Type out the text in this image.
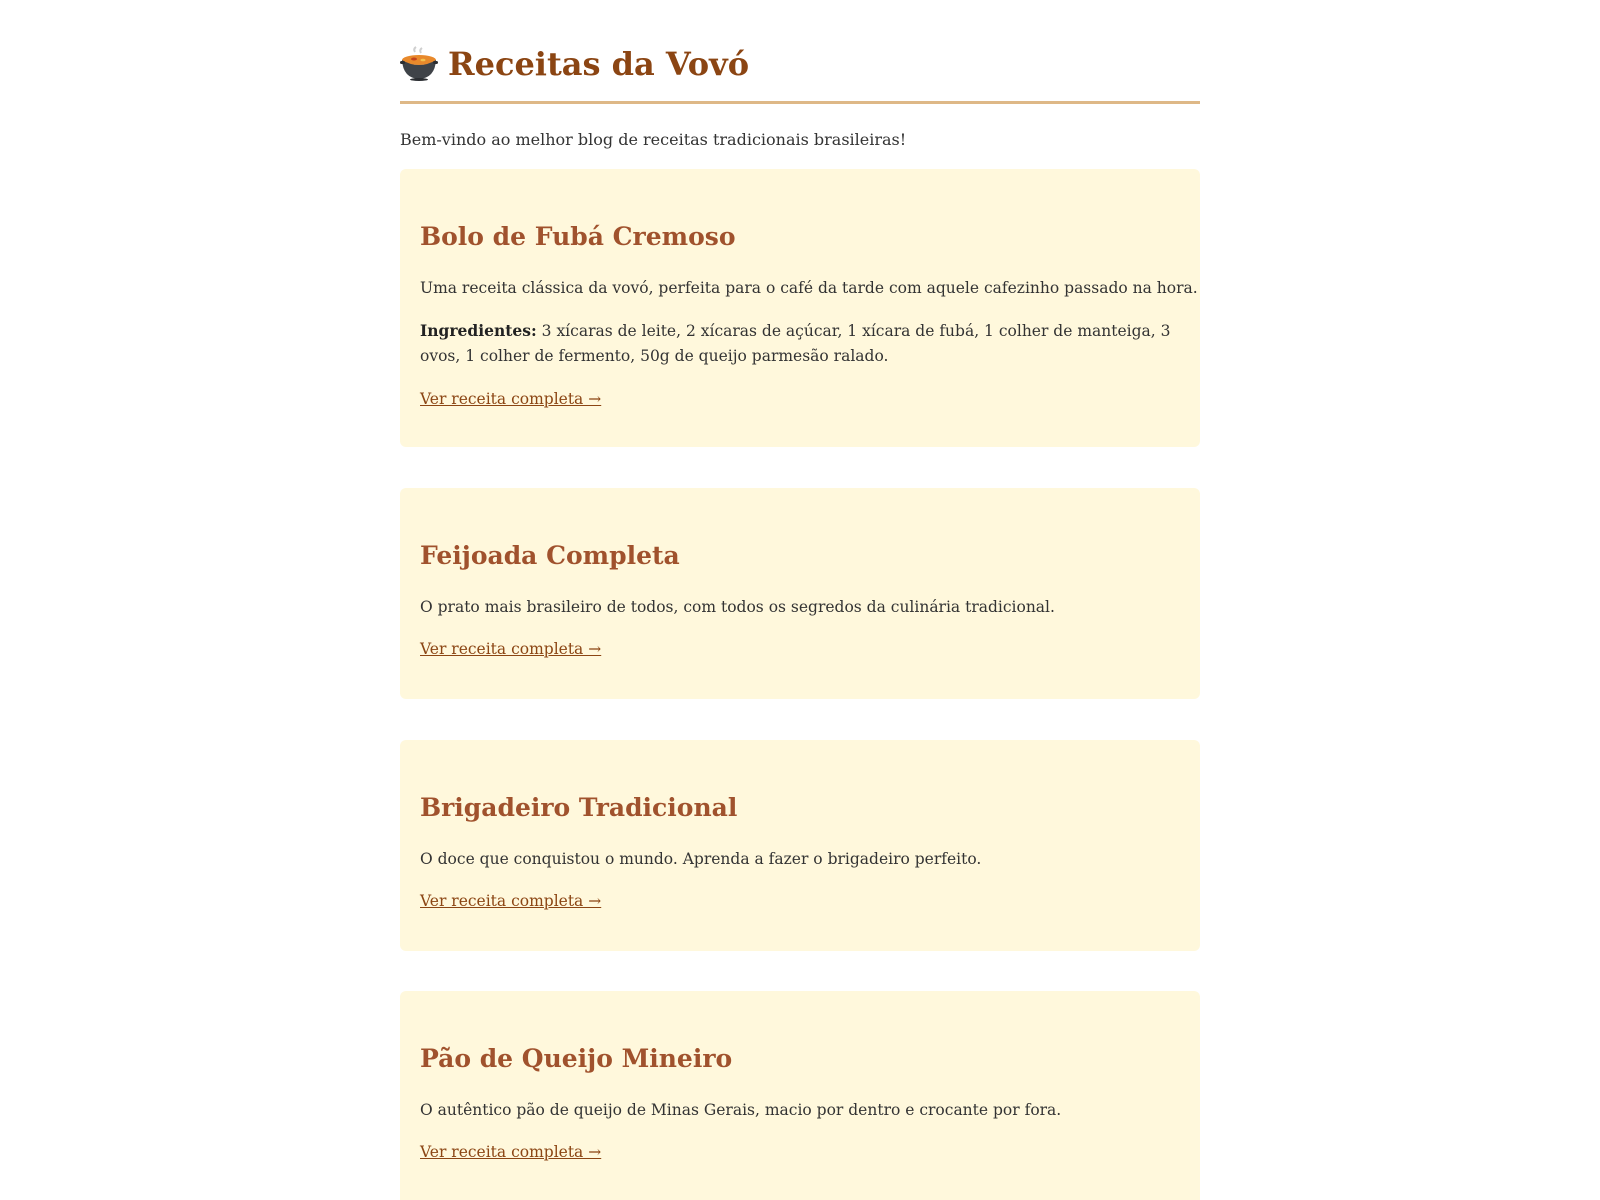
Receitas da Vovó

Bem-vindo ao melhor blog de receitas tradicionais brasileiras!

Bolo de Fubá Cremoso

Uma receita clássica da vovó, perfeita para o café da tarde com aquele cafezinho passado na hora.

Ingredientes: 3 xícaras de leite, 2 xícaras de açúcar, 1 xícara de fubá, 1 colher de manteiga, 3 ovos, 1 colher de fermento, 50g de queijo parmesão ralado.

Ver receita completa →
Feijoada Completa

O prato mais brasileiro de todos, com todos os segredos da culinária tradicional.

Ver receita completa →
Brigadeiro Tradicional

O doce que conquistou o mundo. Aprenda a fazer o brigadeiro perfeito.

Ver receita completa →
Pão de Queijo Mineiro

O autêntico pão de queijo de Minas Gerais, macio por dentro e crocante por fora.

Ver receita completa →
